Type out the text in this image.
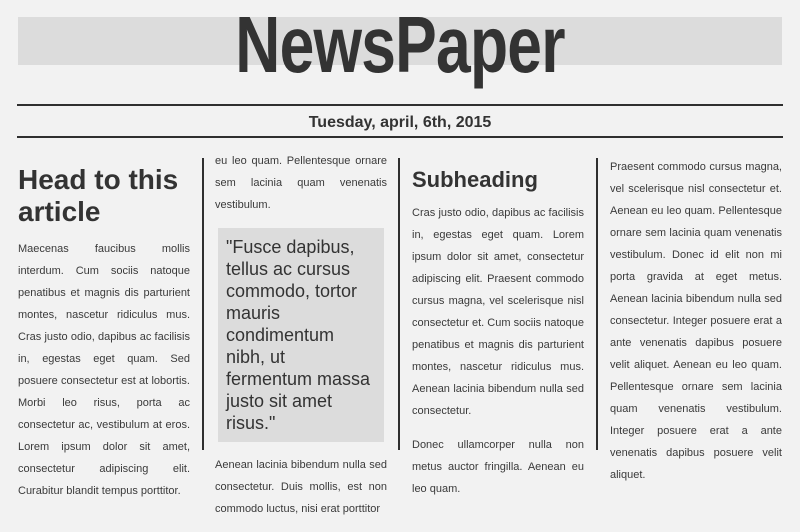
NewsPaper
Tuesday, april, 6th, 2015
Head to this article

Maecenas faucibus mollis interdum. Cum sociis natoque penatibus et magnis dis parturient montes, nascetur ridiculus mus. Cras justo odio, dapibus ac facilisis in, egestas eget quam. Sed posuere consectetur est at lobortis. Morbi leo risus, porta ac consectetur ac, vestibulum at eros. Lorem ipsum dolor sit amet, consectetur adipiscing elit. Curabitur blandit tempus porttitor.

eu leo quam. Pellentesque ornare sem lacinia quam venenatis vestibulum.

"Fusce dapibus, tellus ac cursus commodo, tortor mauris condimentum nibh, ut fermentum massa justo sit amet risus."

Aenean lacinia bibendum nulla sed consectetur. Duis mollis, est non commodo luctus, nisi erat porttitor

Subheading

Cras justo odio, dapibus ac facilisis in, egestas eget quam. Lorem ipsum dolor sit amet, consectetur adipiscing elit. Praesent commodo cursus magna, vel scelerisque nisl consectetur et. Cum sociis natoque penatibus et magnis dis parturient montes, nascetur ridiculus mus. Aenean lacinia bibendum nulla sed consectetur.

Donec ullamcorper nulla non metus auctor fringilla. Aenean eu leo quam.

Praesent commodo cursus magna, vel scelerisque nisl consectetur et. Aenean eu leo quam. Pellentesque ornare sem lacinia quam venenatis vestibulum. Donec id elit non mi porta gravida at eget metus. Aenean lacinia bibendum nulla sed consectetur. Integer posuere erat a ante venenatis dapibus posuere velit aliquet. Aenean eu leo quam. Pellentesque ornare sem lacinia quam venenatis vestibulum. Integer posuere erat a ante venenatis dapibus posuere velit aliquet.
